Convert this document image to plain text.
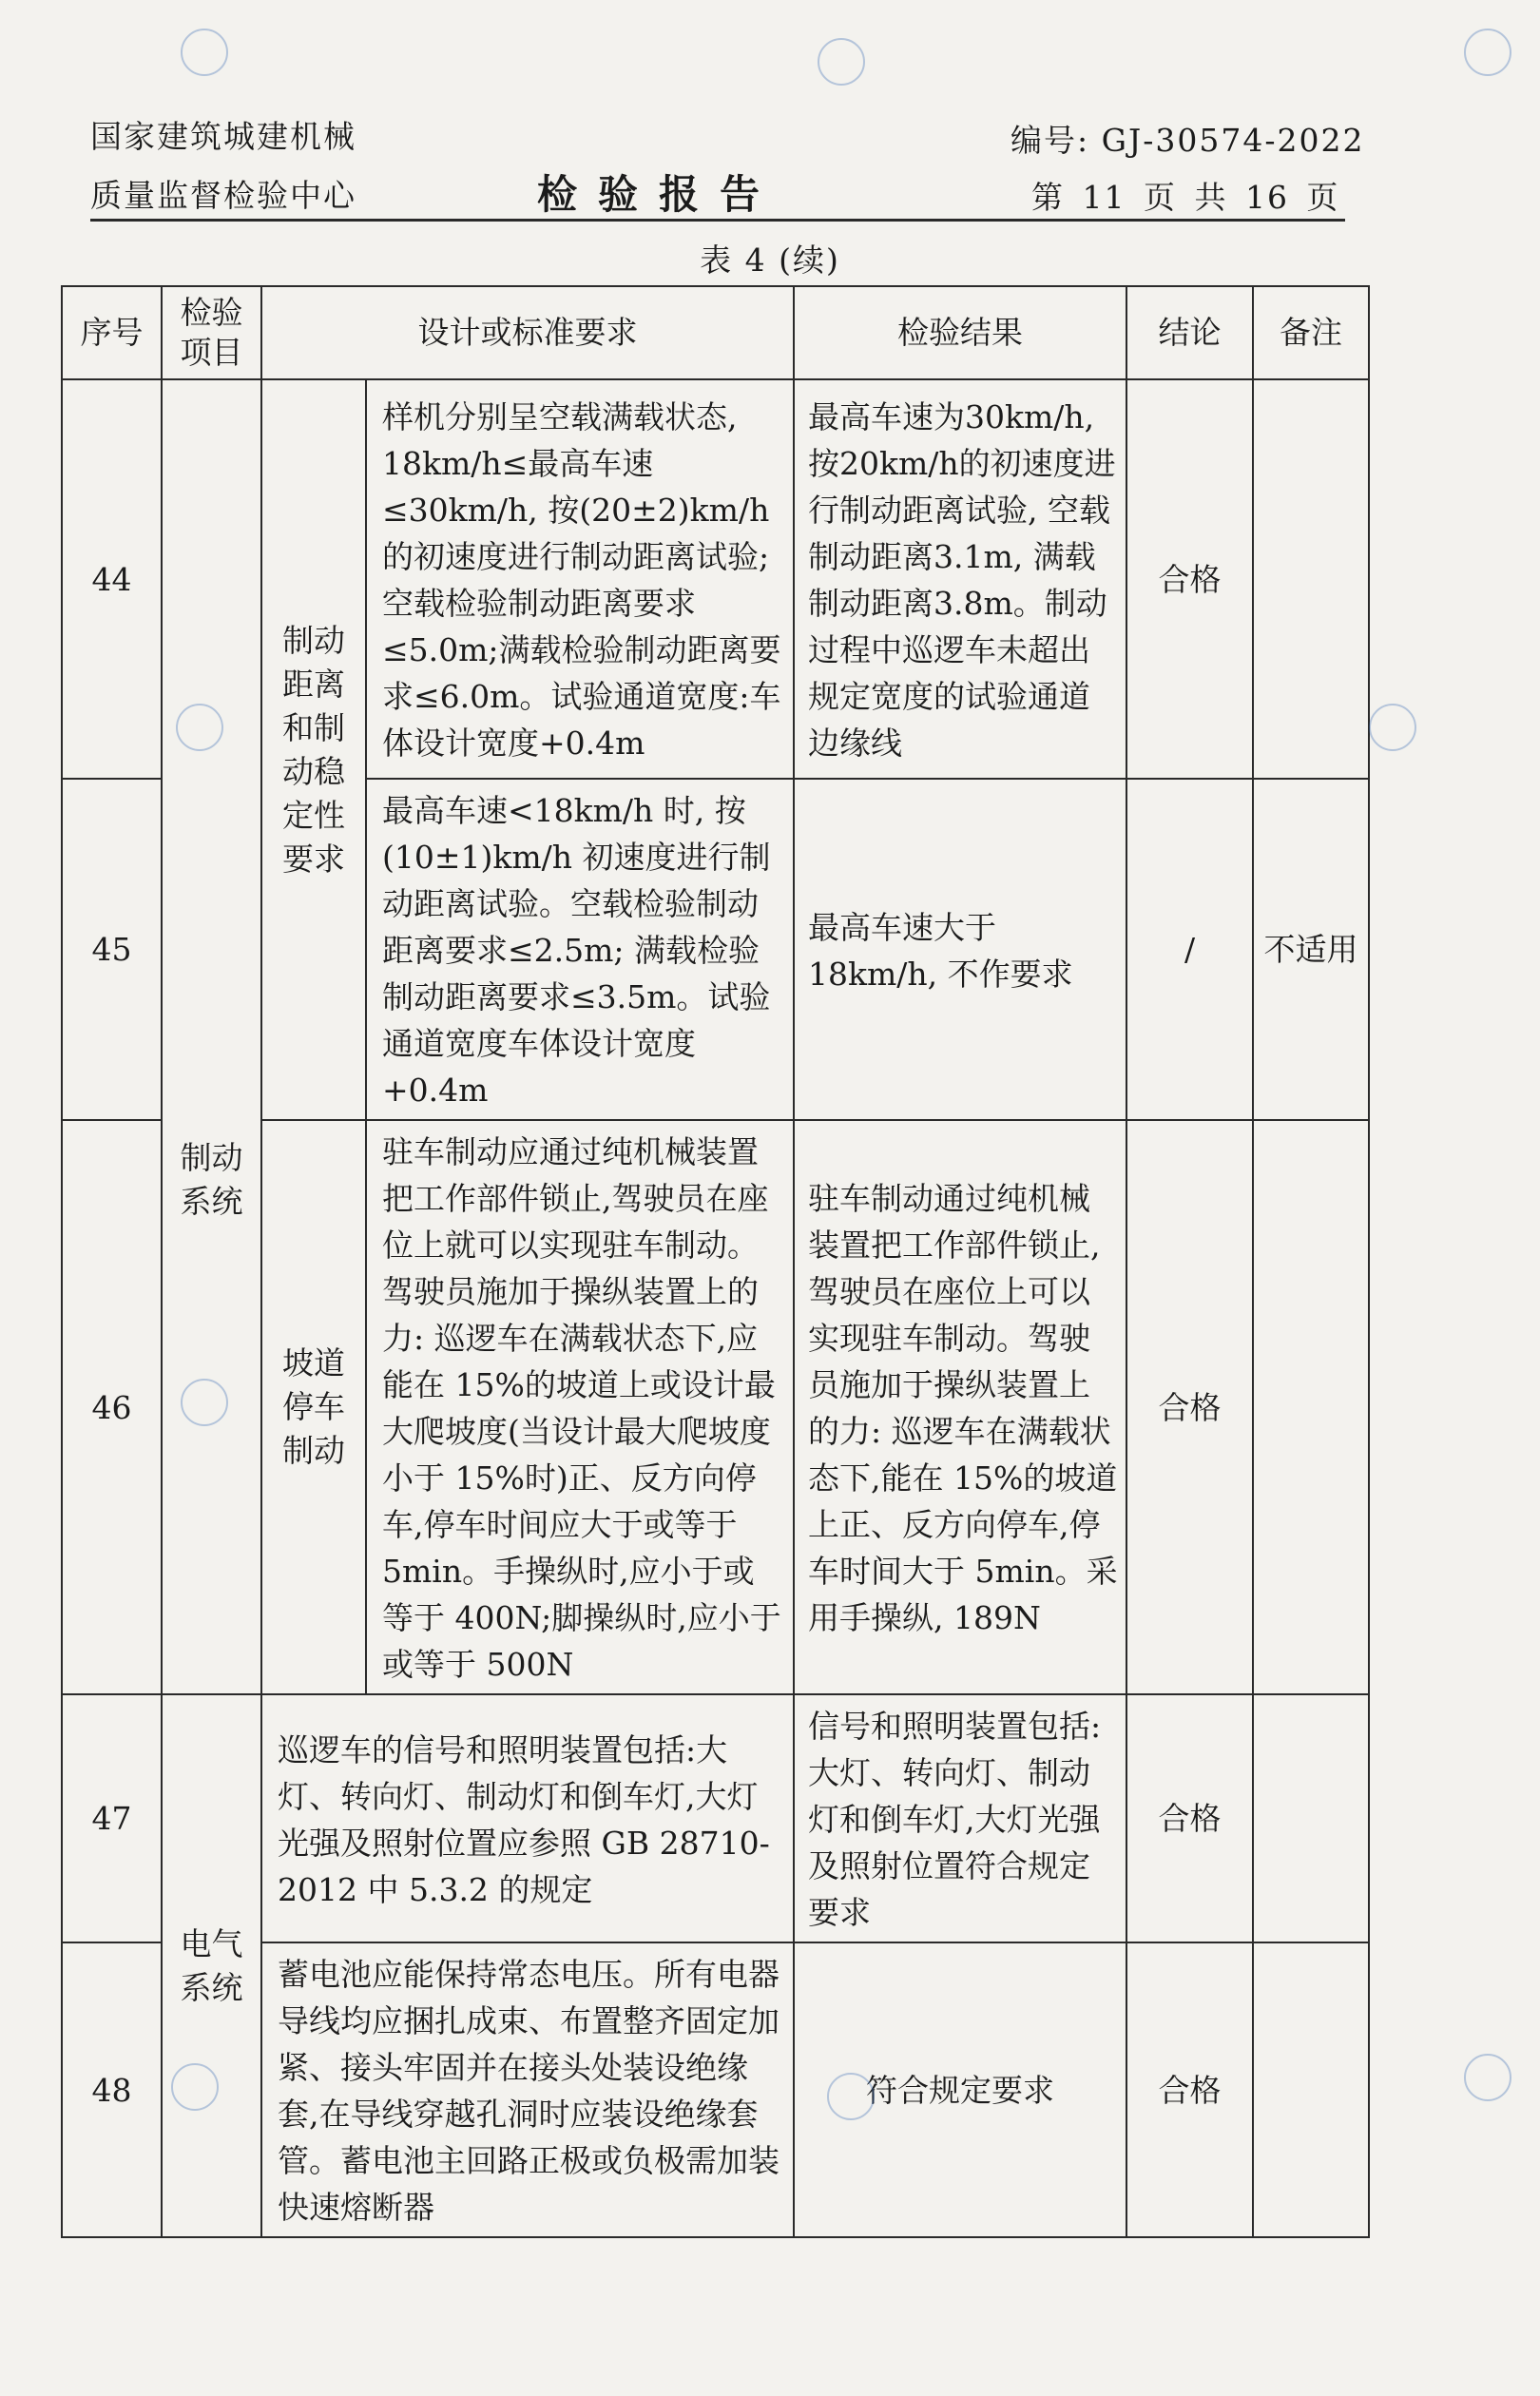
国家建筑城建机械
质量监督检验中心	检验报告
编号: GJ-30574-2022
第 11 页 共 16 页
表 4 (续)
序号	检验项目	设计或标准要求		检验结果	结论	备注
44	制动系统	制动距离和制动稳定性要求	样机分别呈空载满载状态, 18km/h≤最高车速≤30km/h, 按(20±2)km/h的初速度进行制动距离试验;空载检验制动距离要求≤5.0m;满载检验制动距离要求≤6.0m。试验通道宽度:车体设计宽度+0.4m	最高车速为30km/h, 按20km/h的初速度进行制动距离试验, 空载制动距离3.1m, 满载制动距离3.8m。制动过程中巡逻车未超出规定宽度的试验通道边缘线	合格	
45			最高车速<18km/h 时, 按(10±1)km/h 初速度进行制动距离试验。空载检验制动距离要求≤2.5m; 满载检验制动距离要求≤3.5m。试验通道宽度车体设计宽度+0.4m	最高车速大于18km/h, 不作要求	/	不适用
46		坡道停车制动	驻车制动应通过纯机械装置把工作部件锁止,驾驶员在座位上就可以实现驻车制动。驾驶员施加于操纵装置上的力: 巡逻车在满载状态下,应能在 15%的坡道上或设计最大爬坡度(当设计最大爬坡度小于 15%时)正、反方向停车,停车时间应大于或等于 5min。手操纵时,应小于或等于 400N;脚操纵时,应小于或等于 500N	驻车制动通过纯机械装置把工作部件锁止,驾驶员在座位上可以实现驻车制动。驾驶员施加于操纵装置上的力: 巡逻车在满载状态下,能在 15%的坡道上正、反方向停车,停车时间大于 5min。采用手操纵, 189N	合格	
47	电气系统	巡逻车的信号和照明装置包括:大灯、转向灯、制动灯和倒车灯,大灯光强及照射位置应参照 GB 28710-2012 中 5.3.2 的规定		信号和照明装置包括: 大灯、转向灯、制动灯和倒车灯,大灯光强及照射位置符合规定要求	合格	
48		蓄电池应能保持常态电压。所有电器导线均应捆扎成束、布置整齐固定加紧、接头牢固并在接头处装设绝缘套,在导线穿越孔洞时应装设绝缘套管。蓄电池主回路正极或负极需加装快速熔断器		符合规定要求	合格	
